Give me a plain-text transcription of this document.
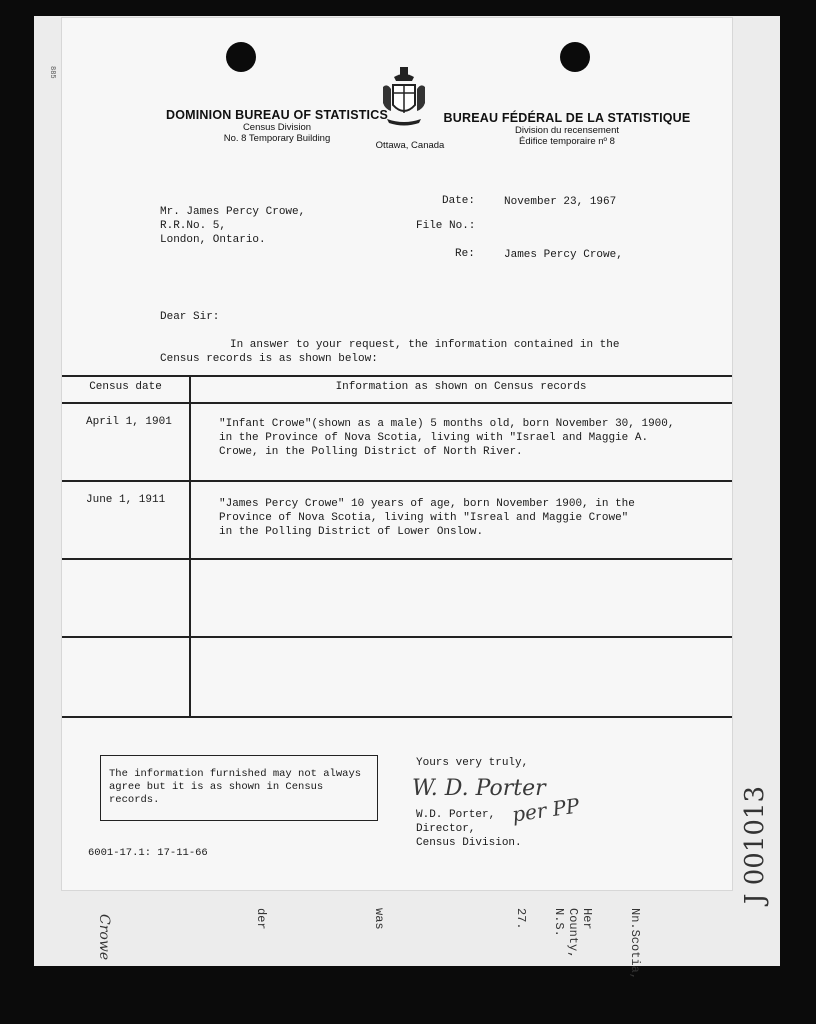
885
J 001013
Crowe	der	was	27.	Her County, N.S.	Nn.Scotia,
DOMINION BUREAU OF STATISTICS
Census Division
No. 8 Temporary Building
Ottawa, Canada
BUREAU FÉDÉRAL DE LA STATISTIQUE
Division du recensement
Édifice temporaire nº 8
Mr. James Percy Crowe,
R.R.No. 5,
London, Ontario.
Date:	November 23, 1967
File No.:
Re:	James Percy Crowe,
Dear Sir:
In answer to your request, the information contained in the
Census records is as shown below:
Census date	Information as shown on Census records
April 1, 1901	"Infant Crowe"(shown as a male) 5 months old, born November 30, 1900,
in the Province of Nova Scotia, living with "Israel and Maggie A.
Crowe, in the Polling District of North River.
June 1, 1911	"James Percy Crowe" 10 years of age, born November 1900, in the
Province of Nova Scotia, living with "Isreal and Maggie Crowe"
in the Polling District of Lower Onslow.
The information furnished may not always
agree but it is as shown in Census
records.
6001-17.1: 17-11-66
Yours very truly,
W. D. Porter
per PP
W.D. Porter,
Director,
Census Division.
